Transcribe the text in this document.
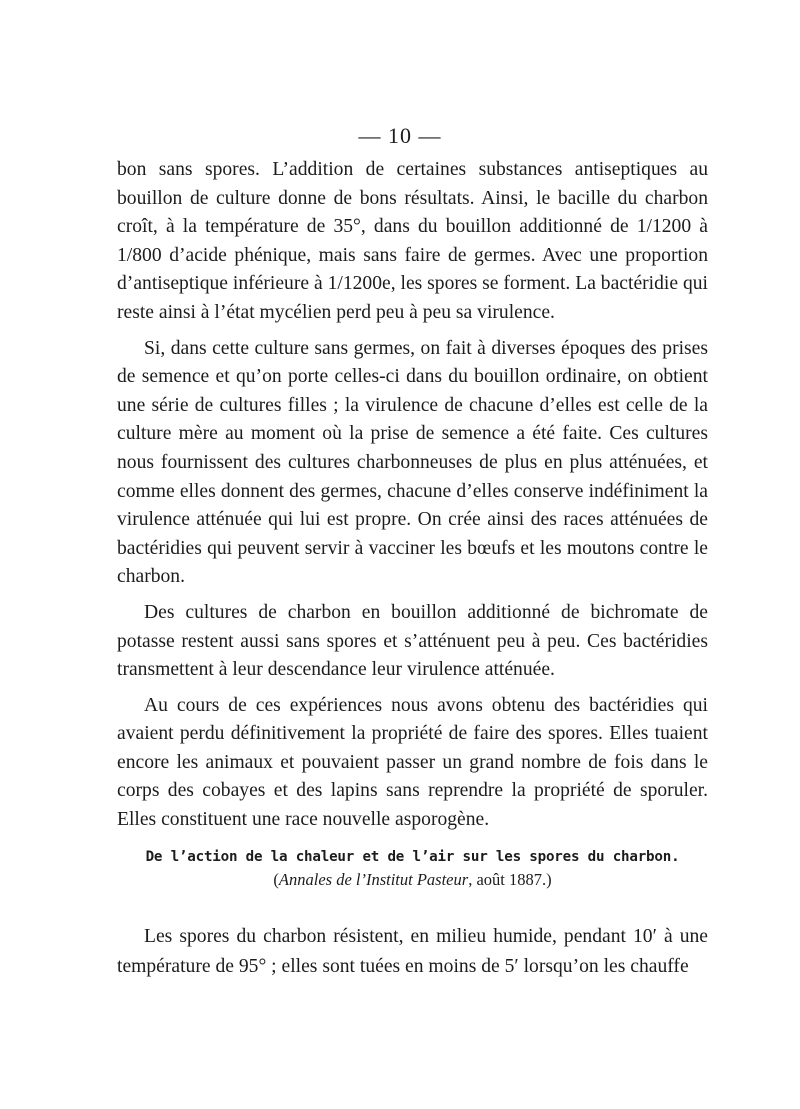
— 10 —

bon sans spores. L’addition de certaines substances antiseptiques au bouillon de culture donne de bons résultats. Ainsi, le bacille du charbon croît, à la température de 35°, dans du bouillon additionné de 1/1200 à 1/800 d’acide phénique, mais sans faire de germes. Avec une proportion d’antiseptique inférieure à 1/1200e, les spores se forment. La bactéridie qui reste ainsi à l’état mycélien perd peu à peu sa virulence.

Si, dans cette culture sans germes, on fait à diverses époques des prises de semence et qu’on porte celles-ci dans du bouillon ordinaire, on obtient une série de cultures filles ; la virulence de chacune d’elles est celle de la culture mère au moment où la prise de semence a été faite. Ces cultures nous fournissent des cultures charbonneuses de plus en plus atténuées, et comme elles donnent des germes, chacune d’elles conserve indéfiniment la virulence atténuée qui lui est propre. On crée ainsi des races atténuées de bactéridies qui peuvent servir à vacciner les bœufs et les moutons contre le charbon.

Des cultures de charbon en bouillon additionné de bichromate de potasse restent aussi sans spores et s’atténuent peu à peu. Ces bactéridies transmettent à leur descendance leur virulence atténuée.

Au cours de ces expériences nous avons obtenu des bactéridies qui avaient perdu définitivement la propriété de faire des spores. Elles tuaient encore les animaux et pouvaient passer un grand nombre de fois dans le corps des cobayes et des lapins sans reprendre la propriété de sporuler. Elles constituent une race nouvelle asporogène.

De l’action de la chaleur et de l’air sur les spores du charbon.
(Annales de l’Institut Pasteur, août 1887.)

Les spores du charbon résistent, en milieu humide, pendant 10′ à une température de 95° ; elles sont tuées en moins de 5′ lorsqu’on les chauffe
